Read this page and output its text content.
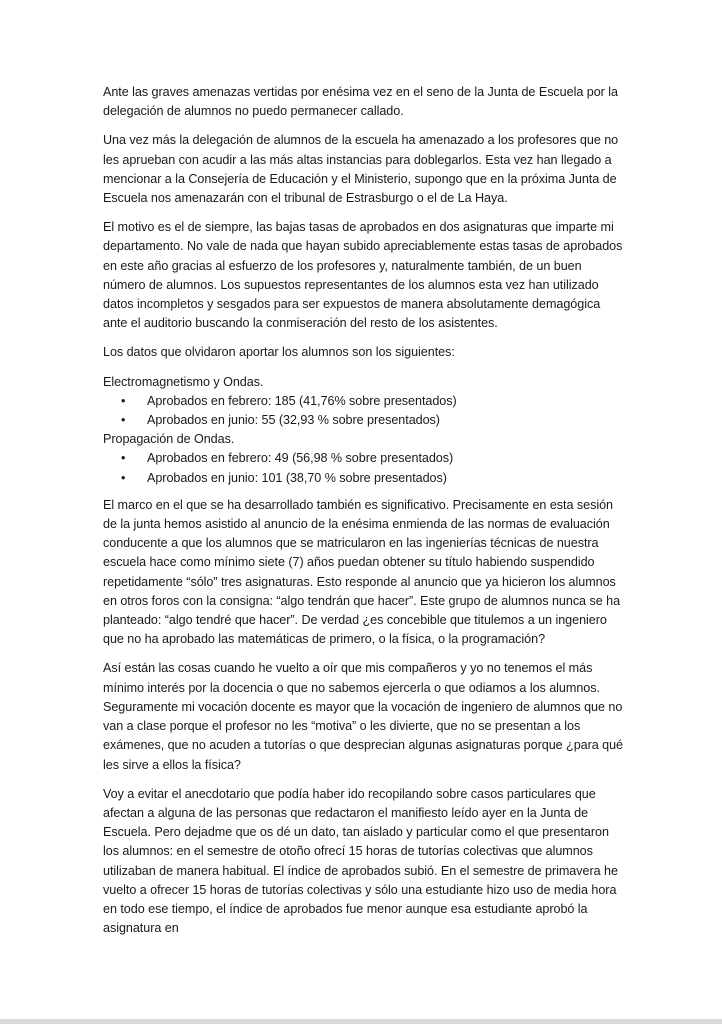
Ante las graves amenazas vertidas por enésima vez en el seno de la Junta de Escuela por la delegación de alumnos no puedo permanecer callado.

Una vez más la delegación de alumnos de la escuela ha amenazado a los profesores que no les aprueban con acudir a las más altas instancias para doblegarlos. Esta vez han llegado a mencionar a la Consejería de Educación y el Ministerio, supongo que en la próxima Junta de Escuela nos amenazarán con el tribunal de Estrasburgo o el de La Haya.

El motivo es el de siempre, las bajas tasas de aprobados en dos asignaturas que imparte mi departamento. No vale de nada que hayan subido apreciablemente estas tasas de aprobados en este año gracias al esfuerzo de los profesores y, naturalmente también, de un buen número de alumnos. Los supuestos representantes de los alumnos esta vez han utilizado datos incompletos y sesgados para ser expuestos de manera absolutamente demagógica ante el auditorio buscando la conmiseración del resto de los asistentes.

Los datos que olvidaron aportar los alumnos son los siguientes:

Electromagnetismo y Ondas.

•	Aprobados en febrero: 185 (41,76% sobre presentados)
•	Aprobados en junio: 55 (32,93 % sobre presentados)

Propagación de Ondas.

•	Aprobados en febrero: 49 (56,98 % sobre presentados)
•	Aprobados en junio: 101 (38,70 % sobre presentados)

El marco en el que se ha desarrollado también es significativo. Precisamente en esta sesión de la junta hemos asistido al anuncio de la enésima enmienda de las normas de evaluación conducente a que los alumnos que se matricularon en las ingenierías técnicas de nuestra escuela hace como mínimo siete (7) años puedan obtener su título habiendo suspendido repetidamente “sólo” tres asignaturas. Esto responde al anuncio que ya hicieron los alumnos en otros foros con la consigna: “algo tendrán que hacer”. Este grupo de alumnos nunca se ha planteado: “algo tendré que hacer”. De verdad ¿es concebible que titulemos a un ingeniero que no ha aprobado las matemáticas de primero, o la física, o la programación?

Así están las cosas cuando he vuelto a oír que mis compañeros y yo no tenemos el más mínimo interés por la docencia o que no sabemos ejercerla o que odiamos a los alumnos. Seguramente mi vocación docente es mayor que la vocación de ingeniero de alumnos que no van a clase porque el profesor no les “motiva” o les divierte, que no se presentan a los exámenes, que no acuden a tutorías o que desprecian algunas asignaturas porque ¿para qué les sirve a ellos la física?

Voy a evitar el anecdotario que podía haber ido recopilando sobre casos particulares que afectan a alguna de las personas que redactaron el manifiesto leído ayer en la Junta de Escuela. Pero dejadme que os dé un dato, tan aislado y particular como el que presentaron los alumnos: en el semestre de otoño ofrecí 15 horas de tutorías colectivas que alumnos utilizaban de manera habitual. El índice de aprobados subió. En el semestre de primavera he vuelto a ofrecer 15 horas de tutorías colectivas y sólo una estudiante hizo uso de media hora en todo ese tiempo, el índice de aprobados fue menor aunque esa estudiante aprobó la asignatura en
